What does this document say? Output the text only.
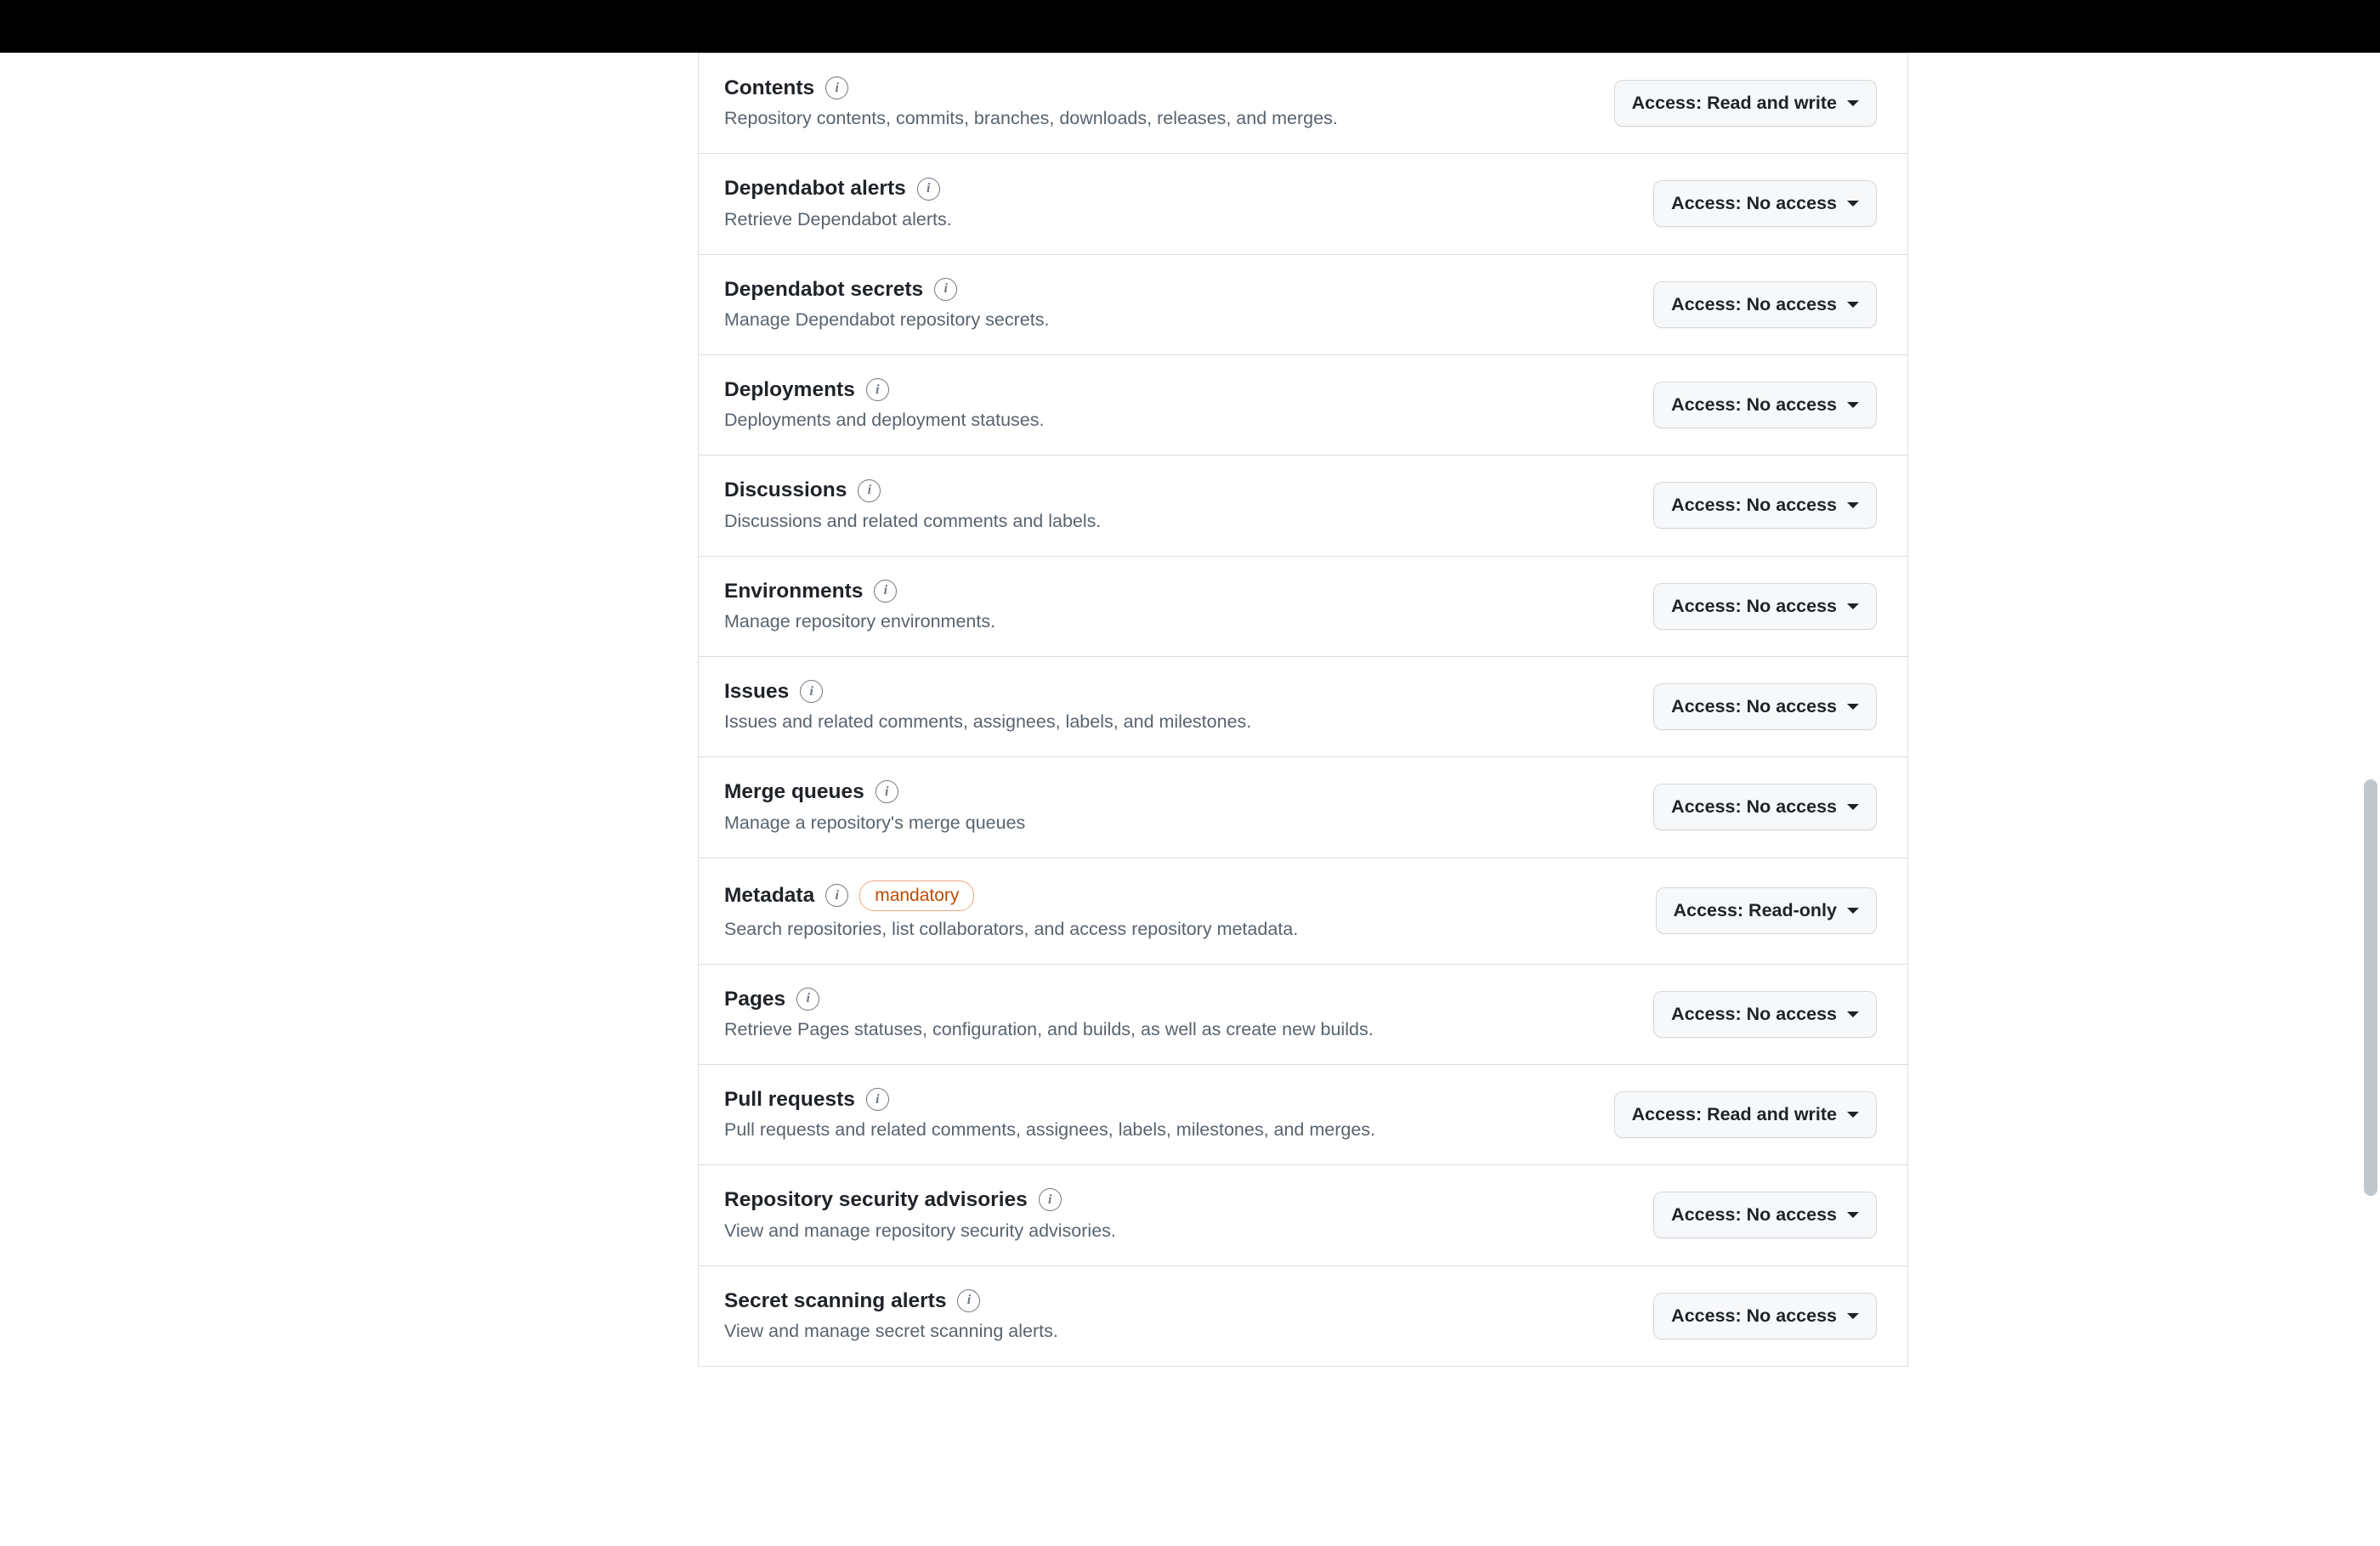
Contents	i
Repository contents, commits, branches, downloads, releases, and merges.
Access: Read and write
Dependabot alerts	i
Retrieve Dependabot alerts.
Access: No access
Dependabot secrets	i
Manage Dependabot repository secrets.
Access: No access
Deployments	i
Deployments and deployment statuses.
Access: No access
Discussions	i
Discussions and related comments and labels.
Access: No access
Environments	i
Manage repository environments.
Access: No access
Issues	i
Issues and related comments, assignees, labels, and milestones.
Access: No access
Merge queues	i
Manage a repository's merge queues
Access: No access
Metadata	i	mandatory
Search repositories, list collaborators, and access repository metadata.
Access: Read-only
Pages	i
Retrieve Pages statuses, configuration, and builds, as well as create new builds.
Access: No access
Pull requests	i
Pull requests and related comments, assignees, labels, milestones, and merges.
Access: Read and write
Repository security advisories	i
View and manage repository security advisories.
Access: No access
Secret scanning alerts	i
View and manage secret scanning alerts.
Access: No access
